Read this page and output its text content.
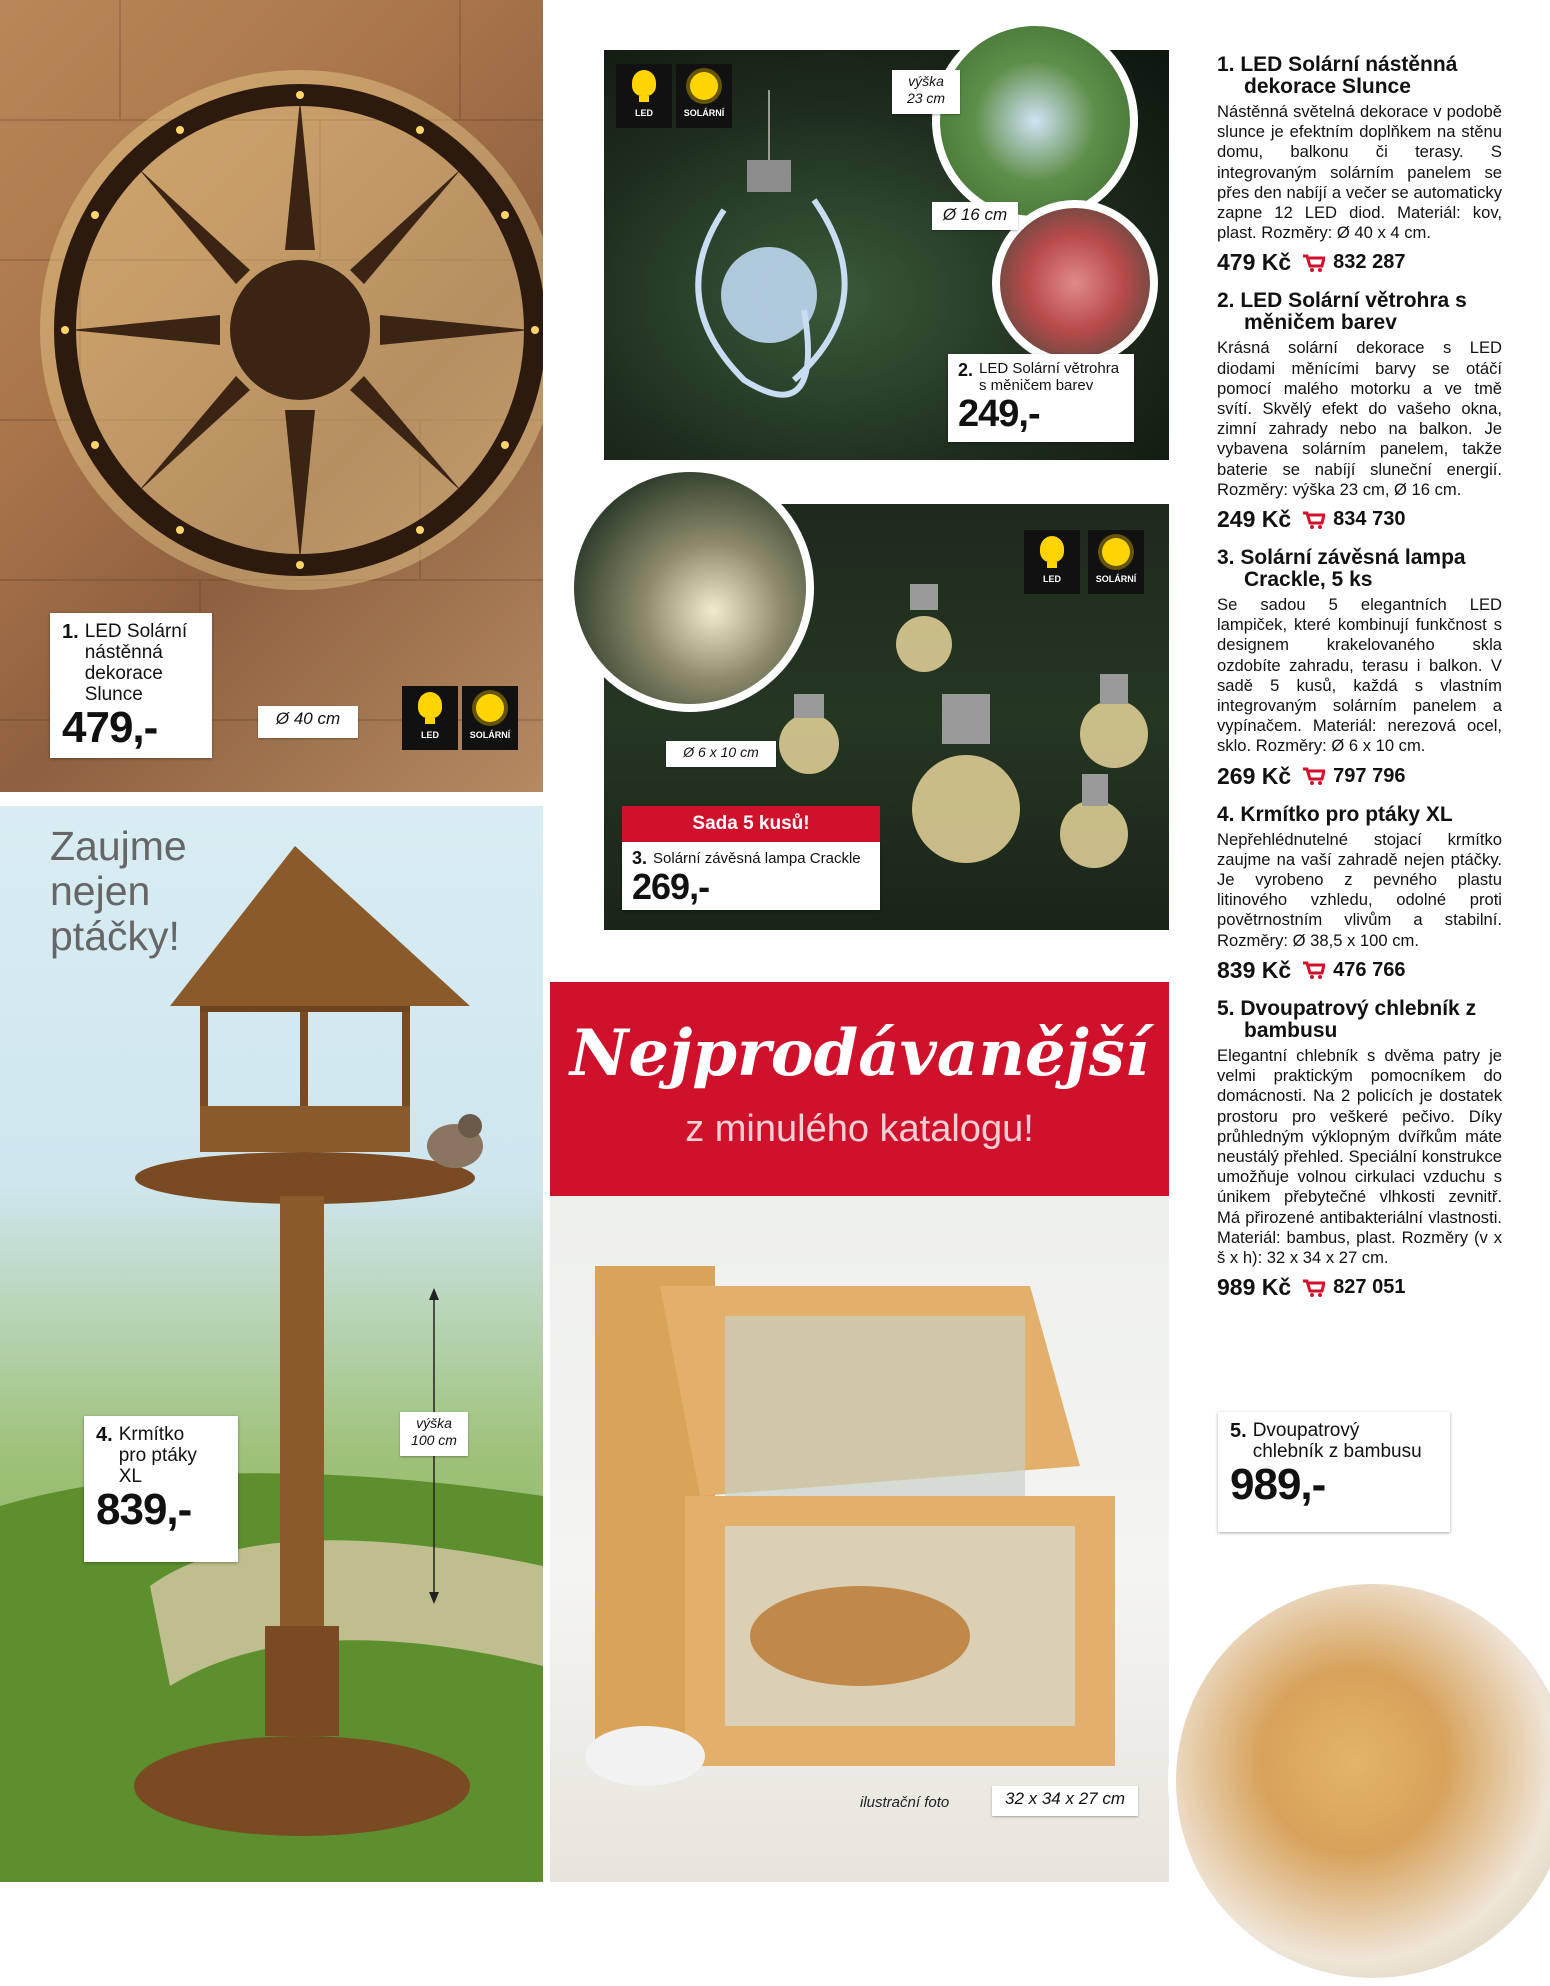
1. LED Solární
nástěnná
dekorace
Slunce
479,-	Ø 40 cm
LED	SOLÁRNÍ
Zaujme
nejen
ptáčky!
výška
100 cm
4. Krmítko
pro ptáky
XL
839,-
výška
23 cm
Ø 16 cm
LED	SOLÁRNÍ
2. LED Solární větrohra
s měničem barev
249,-
LED	SOLÁRNÍ
Ø 6 x 10 cm
Sada 5 kusů!
3. Solární závěsná lampa Crackle
269,-
Nejprodávanější
z minulého katalogu!
ilustrační foto	32 x 34 x 27 cm
5. Dvoupatrový
chlebník z bambusu
989,-
1. LED Solární nástěnná dekorace Slunce

Nástěnná světelná dekorace v podobě slunce je efektním doplňkem na stěnu domu, balkonu či terasy. S integrovaným solárním panelem se přes den nabíjí a večer se automaticky zapne 12 LED diod. Materiál: kov, plast. Rozměry: Ø 40 x 4 cm.

479 Kč 832 287
2. LED Solární větrohra s měničem barev

Krásná solární dekorace s LED diodami měnícími barvy se otáčí pomocí malého motorku a ve tmě svítí. Skvělý efekt do vašeho okna, zimní zahrady nebo na balkon. Je vybavena solárním panelem, takže baterie se nabíjí sluneční energií. Rozměry: výška 23 cm, Ø 16 cm.

249 Kč 834 730
3. Solární závěsná lampa Crackle, 5 ks

Se sadou 5 elegantních LED lampiček, které kombinují funkčnost s designem krakelovaného skla ozdobíte zahradu, terasu i balkon. V sadě 5 kusů, každá s vlastním integrovaným solárním panelem a vypínačem. Materiál: nerezová ocel, sklo. Rozměry: Ø 6 x 10 cm.

269 Kč 797 796
4. Krmítko pro ptáky XL

Nepřehlédnutelné stojací krmítko zaujme na vaší zahradě nejen ptáčky. Je vyrobeno z pevného plastu litinového vzhledu, odolné proti povětrnostním vlivům a stabilní. Rozměry: Ø 38,5 x 100 cm.

839 Kč 476 766
5. Dvoupatrový chlebník z bambusu

Elegantní chlebník s dvěma patry je velmi praktickým pomocníkem do domácnosti. Na 2 policích je dostatek prostoru pro veškeré pečivo. Díky průhledným výklopným dvířkům máte neustálý přehled. Speciální konstrukce umožňuje volnou cirkulaci vzduchu s únikem přebytečné vlhkosti zevnitř. Má přirozené antibakteriální vlastnosti. Materiál: bambus, plast. Rozměry (v x š x h): 32 x 34 x 27 cm.

989 Kč 827 051
